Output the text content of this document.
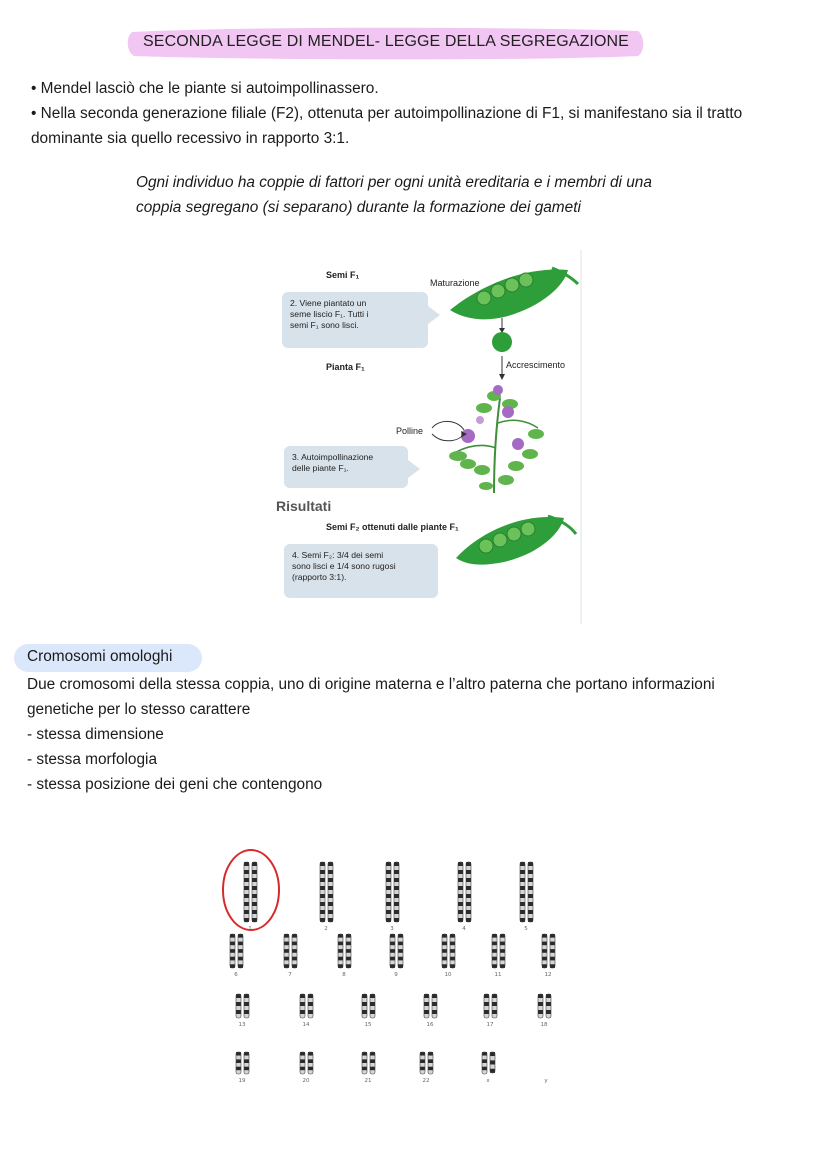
SECONDA LEGGE DI MENDEL- LEGGE DELLA SEGREGAZIONE
• Mendel lasciò che le piante si autoimpollinassero.
• Nella seconda generazione filiale (F2), ottenuta per autoimpollinazione di F1, si manifestano sia il tratto
dominante sia quello recessivo in rapporto 3:1.
Ogni individuo ha coppie di fattori per ogni unità ereditaria e i membri di una
coppia segregano (si separano) durante la formazione dei gameti
Semi F₁
Maturazione
2. Viene piantato un
seme liscio F₁. Tutti i
semi F₁ sono lisci.
Pianta F₁	Accrescimento
Polline
3. Autoimpollinazione
delle piante F₁.
Risultati
Semi F₂ ottenuti dalle piante F₁
4. Semi F₂: 3/4 dei semi
sono lisci e 1/4 sono rugosi
(rapporto 3:1).
Cromosomi omologhi
Due cromosomi della stessa coppia, uno di origine materna e l’altro paterna che portano informazioni
genetiche per lo stesso carattere
- stessa dimensione
- stessa morfologia
- stessa posizione dei geni che contengono
1	2	3	4	5
6	7	8	9	10	11	12
13	14	15	16	17	18
19	20	21	22	x	y
